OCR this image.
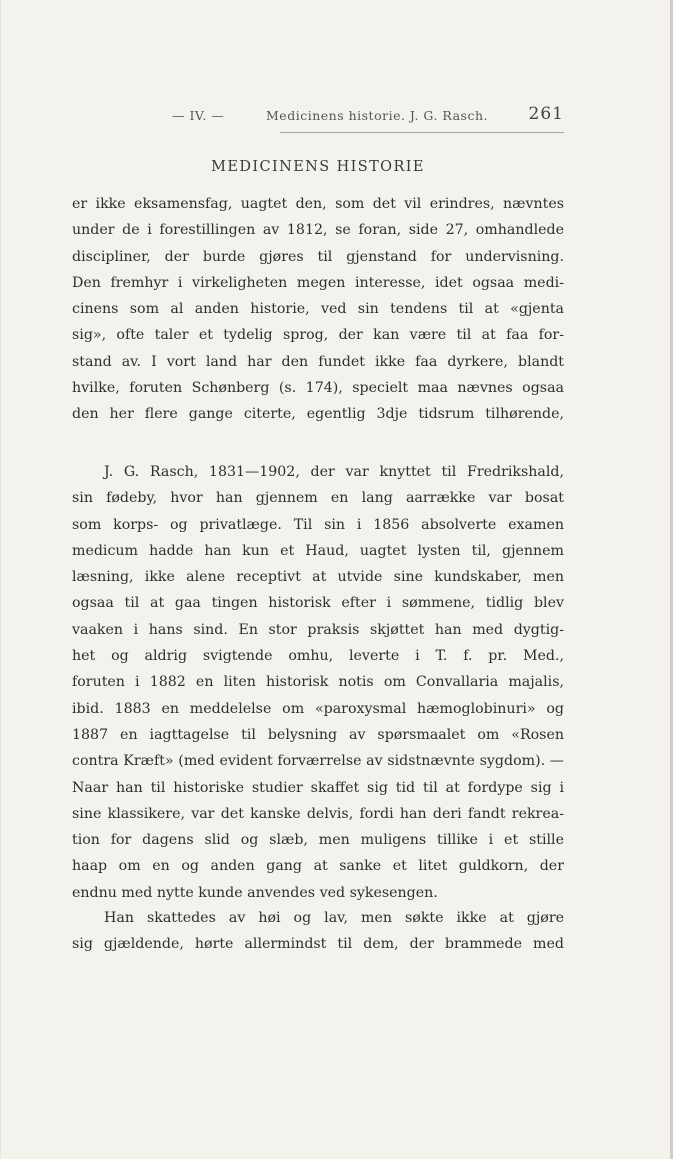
— IV. —	Medicinens historie. J. G. Rasch. 261
MEDICINENS HISTORIE
er ikke eksamensfag, uagtet den, som det vil erindres, nævntes
under de i forestillingen av 1812, se foran, side 27, omhandlede
discipliner, der burde gjøres til gjenstand for undervisning.
Den fremhyr i virkeligheten megen interesse, idet ogsaa medi-
cinens som al anden historie, ved sin tendens til at «gjenta
sig», ofte taler et tydelig sprog, der kan være til at faa for-
stand av. I vort land har den fundet ikke faa dyrkere, blandt
hvilke, foruten Schønberg (s. 174), specielt maa nævnes ogsaa
den her flere gange citerte, egentlig 3dje tidsrum tilhørende,
J. G. Rasch, 1831—1902, der var knyttet til Fredrikshald,
sin fødeby, hvor han gjennem en lang aarrække var bosat
som korps- og privatlæge. Til sin i 1856 absolverte examen
medicum hadde han kun et Haud, uagtet lysten til, gjennem
læsning, ikke alene receptivt at utvide sine kundskaber, men
ogsaa til at gaa tingen historisk efter i sømmene, tidlig blev
vaaken i hans sind. En stor praksis skjøttet han med dygtig-
het og aldrig svigtende omhu, leverte i T. f. pr. Med.,
foruten i 1882 en liten historisk notis om Convallaria majalis,
ibid. 1883 en meddelelse om «paroxysmal hæmoglobinuri» og
1887 en iagttagelse til belysning av spørsmaalet om «Rosen
contra Kræft» (med evident forværrelse av sidstnævnte sygdom). —
Naar han til historiske studier skaffet sig tid til at fordype sig i
sine klassikere, var det kanske delvis, fordi han deri fandt rekrea-
tion for dagens slid og slæb, men muligens tillike i et stille
haap om en og anden gang at sanke et litet guldkorn, der
endnu med nytte kunde anvendes ved sykesengen.
Han skattedes av høi og lav, men søkte ikke at gjøre
sig gjældende, hørte allermindst til dem, der brammede med
